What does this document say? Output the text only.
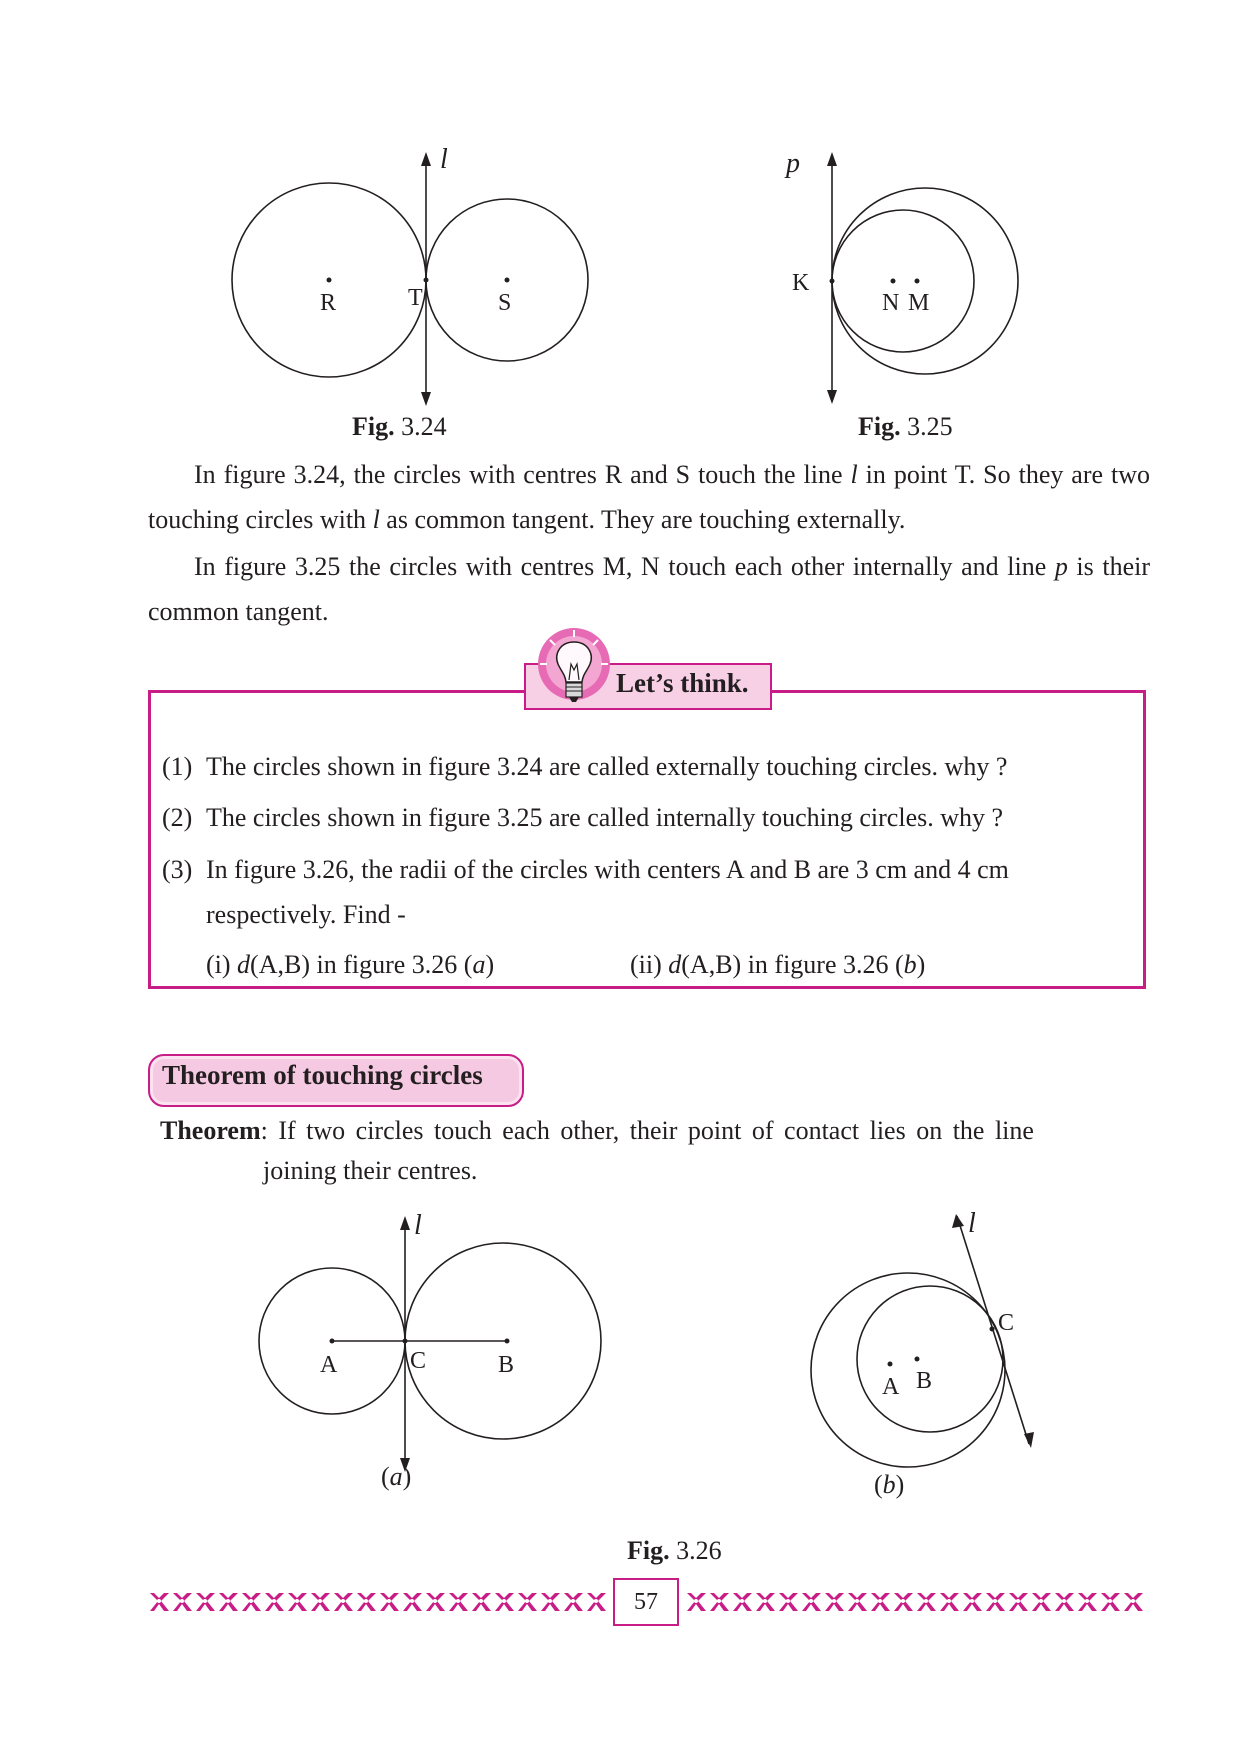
l
R	T	S
Fig. 3.24
p
K
N M
Fig. 3.25
In figure 3.24, the circles with centres R and S touch the line l in point T. So they are two touching circles with l as common tangent. They are touching externally.
In figure 3.25 the circles with centres M, N touch each other internally and line p is their common tangent.
Let’s think.
(1) The circles shown in figure 3.24 are called externally touching circles. why ?
(2) The circles shown in figure 3.25 are called internally touching circles. why ?
(3) In figure 3.26, the radii of the circles with centers A and B are 3 cm and 4 cm
respectively. Find -
(i) d(A,B) in figure 3.26 (a)	(ii) d(A,B) in figure 3.26 (b)
Theorem of touching circles
Theorem: If two circles touch each other, their point of contact lies on the line
joining their centres.
l
A	C	B
(a)
l
A B
C
(b)
Fig. 3.26
57
